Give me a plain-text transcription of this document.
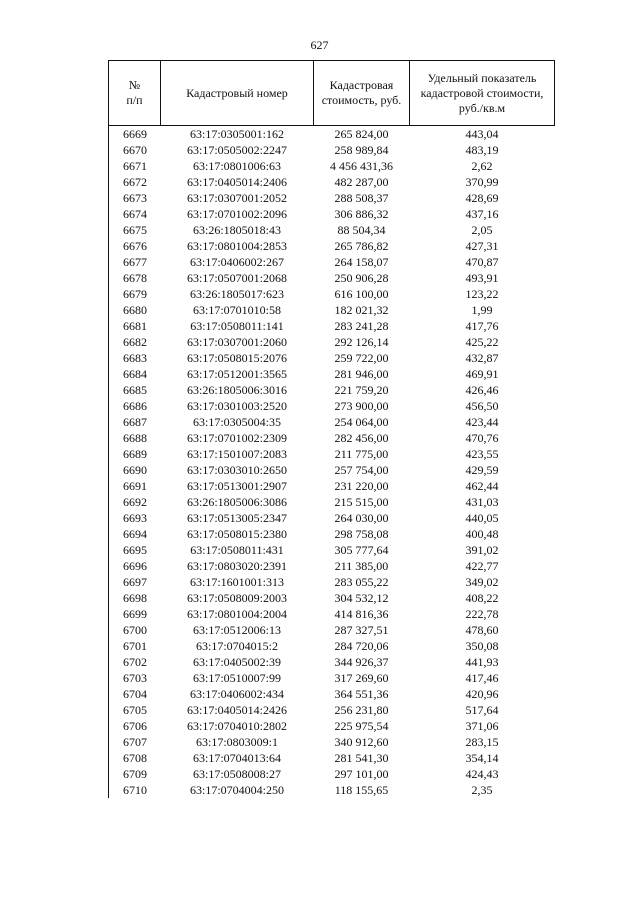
627
№
п/п	Кадастровый номер	Кадастровая стоимость, руб.	Удельный показатель кадастровой стоимости, руб./кв.м
6669	63:17:0305001:162	265 824,00	443,04
6670	63:17:0505002:2247	258 989,84	483,19
6671	63:17:0801006:63	4 456 431,36	2,62
6672	63:17:0405014:2406	482 287,00	370,99
6673	63:17:0307001:2052	288 508,37	428,69
6674	63:17:0701002:2096	306 886,32	437,16
6675	63:26:1805018:43	88 504,34	2,05
6676	63:17:0801004:2853	265 786,82	427,31
6677	63:17:0406002:267	264 158,07	470,87
6678	63:17:0507001:2068	250 906,28	493,91
6679	63:26:1805017:623	616 100,00	123,22
6680	63:17:0701010:58	182 021,32	1,99
6681	63:17:0508011:141	283 241,28	417,76
6682	63:17:0307001:2060	292 126,14	425,22
6683	63:17:0508015:2076	259 722,00	432,87
6684	63:17:0512001:3565	281 946,00	469,91
6685	63:26:1805006:3016	221 759,20	426,46
6686	63:17:0301003:2520	273 900,00	456,50
6687	63:17:0305004:35	254 064,00	423,44
6688	63:17:0701002:2309	282 456,00	470,76
6689	63:17:1501007:2083	211 775,00	423,55
6690	63:17:0303010:2650	257 754,00	429,59
6691	63:17:0513001:2907	231 220,00	462,44
6692	63:26:1805006:3086	215 515,00	431,03
6693	63:17:0513005:2347	264 030,00	440,05
6694	63:17:0508015:2380	298 758,08	400,48
6695	63:17:0508011:431	305 777,64	391,02
6696	63:17:0803020:2391	211 385,00	422,77
6697	63:17:1601001:313	283 055,22	349,02
6698	63:17:0508009:2003	304 532,12	408,22
6699	63:17:0801004:2004	414 816,36	222,78
6700	63:17:0512006:13	287 327,51	478,60
6701	63:17:0704015:2	284 720,06	350,08
6702	63:17:0405002:39	344 926,37	441,93
6703	63:17:0510007:99	317 269,60	417,46
6704	63:17:0406002:434	364 551,36	420,96
6705	63:17:0405014:2426	256 231,80	517,64
6706	63:17:0704010:2802	225 975,54	371,06
6707	63:17:0803009:1	340 912,60	283,15
6708	63:17:0704013:64	281 541,30	354,14
6709	63:17:0508008:27	297 101,00	424,43
6710	63:17:0704004:250	118 155,65	2,35
